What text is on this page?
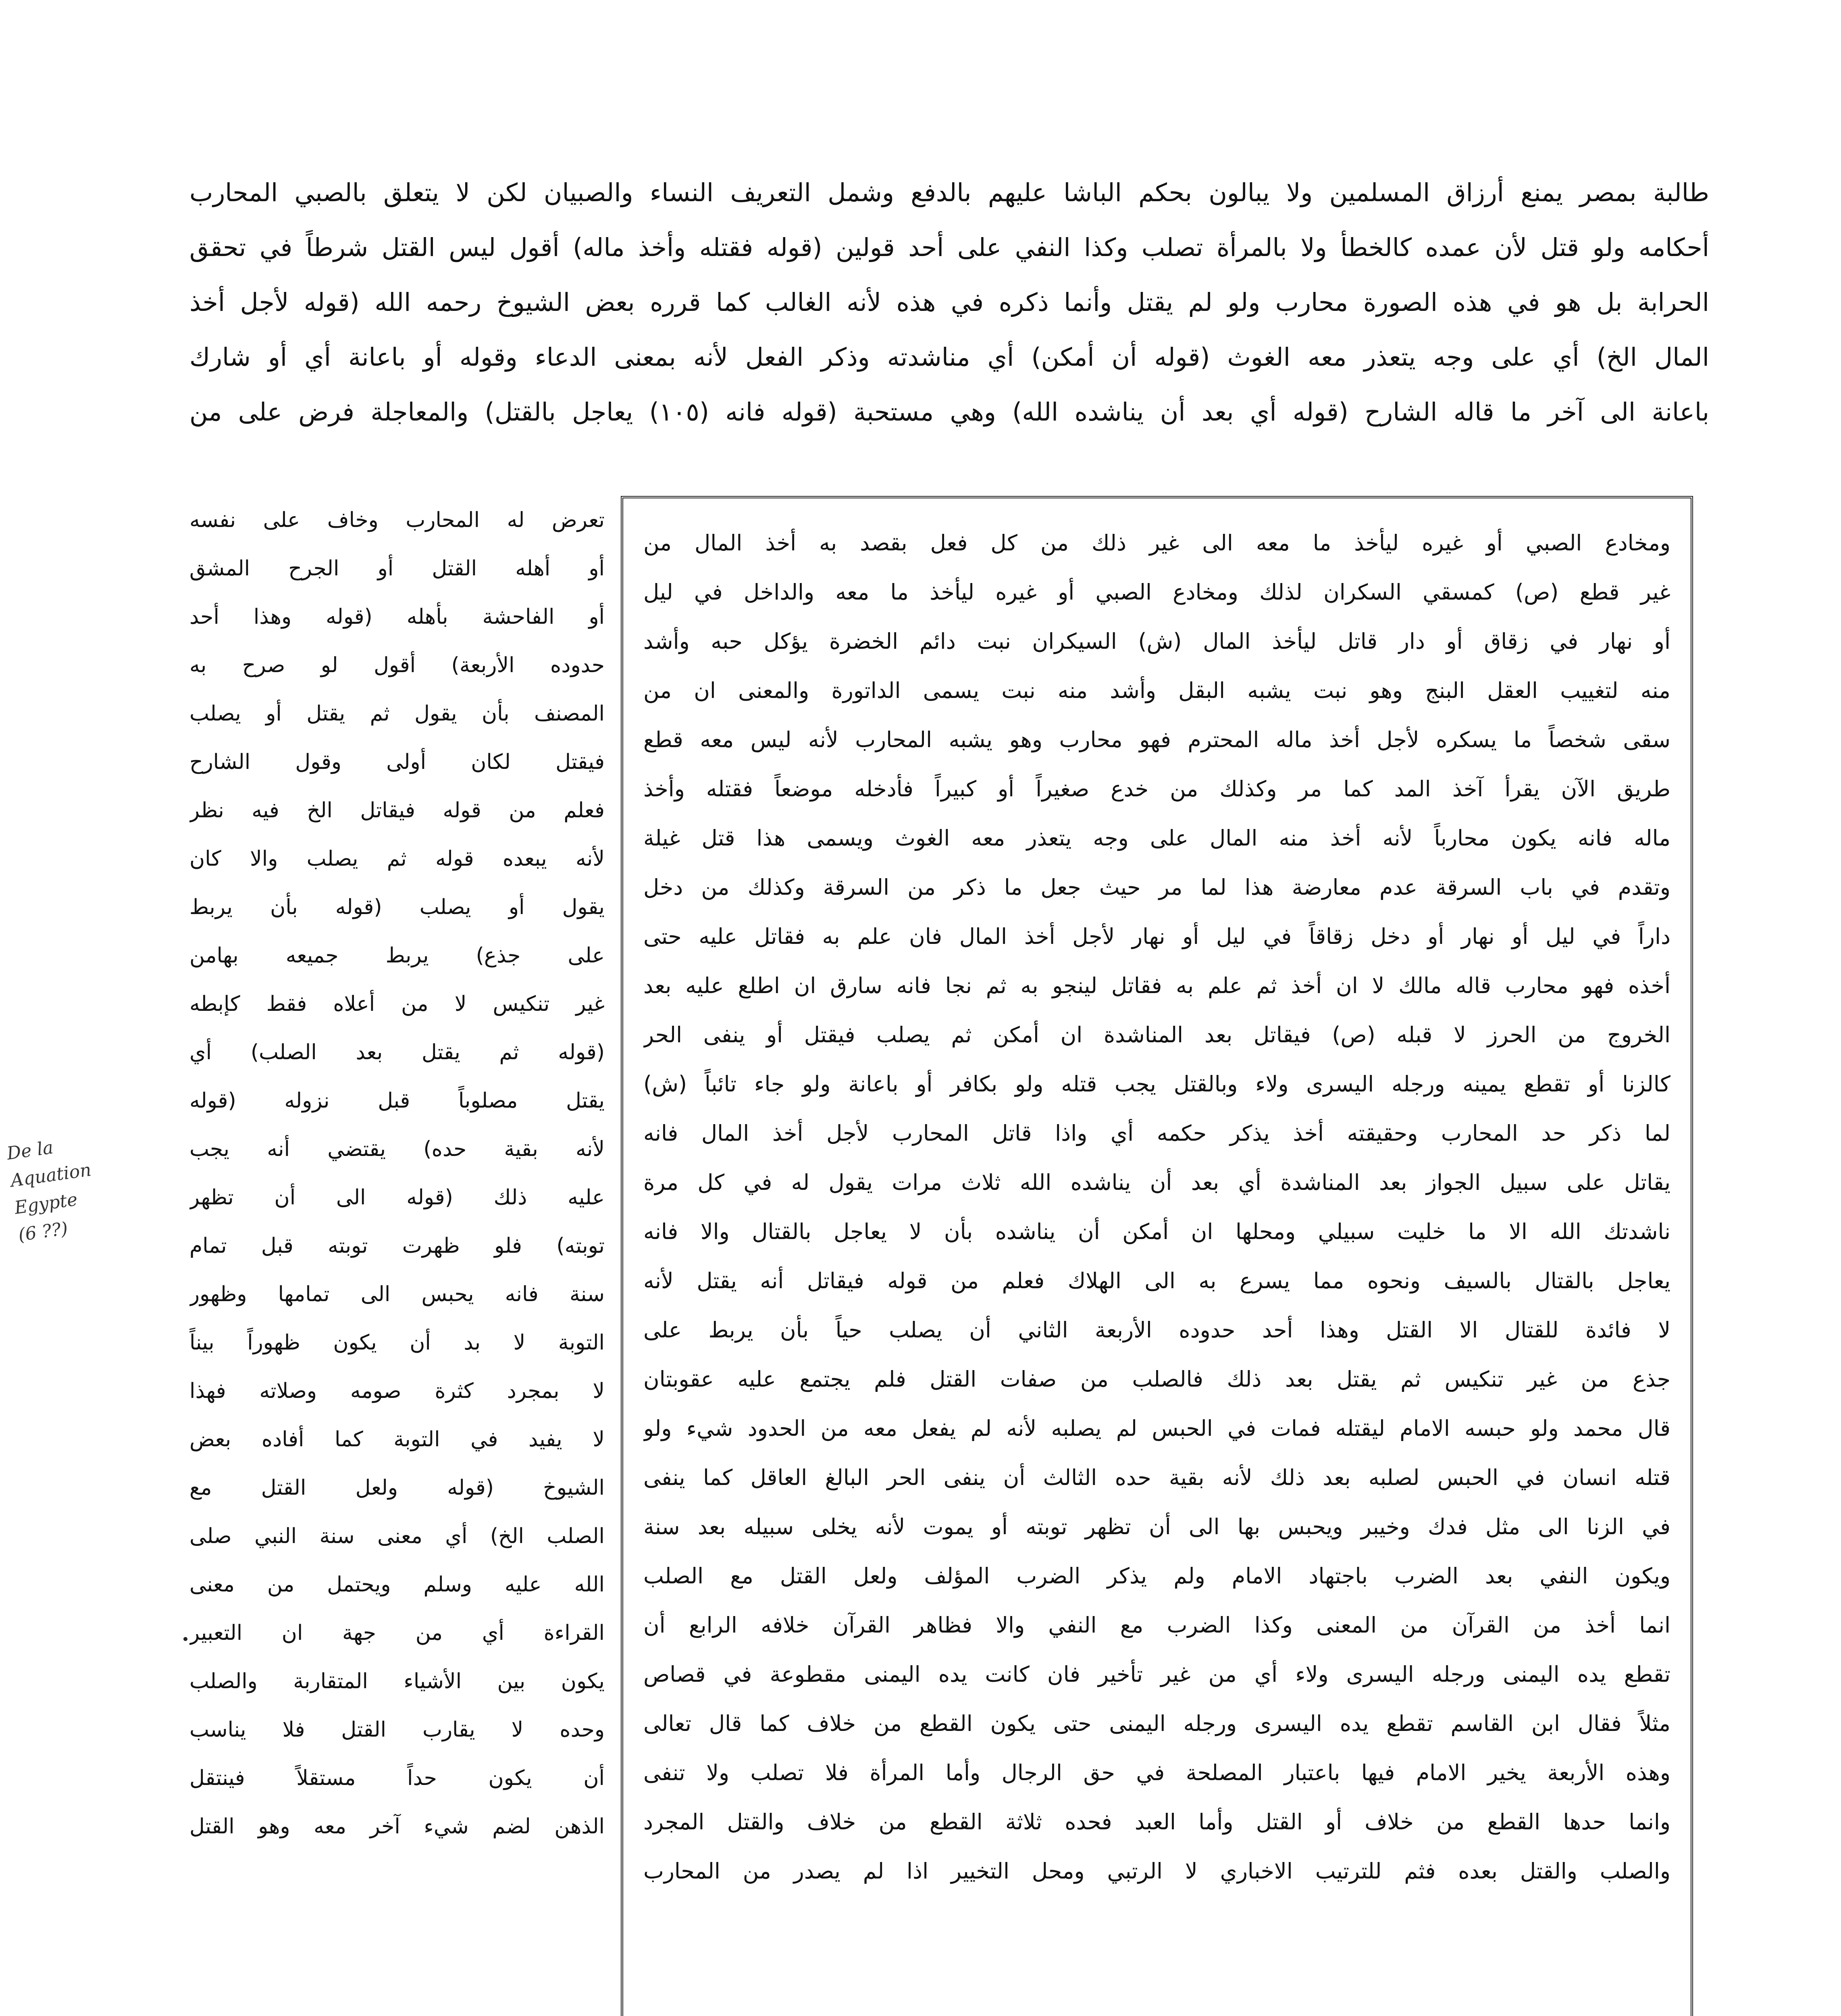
طالبة بمصر يمنع أرزاق المسلمين ولا يبالون بحكم الباشا عليهم بالدفع وشمل التعريف النساء والصبيان لكن لا يتعلق بالصبي المحارب
أحكامه ولو قتل لأن عمده كالخطأ ولا بالمرأة تصلب وكذا النفي على أحد قولين (قوله فقتله وأخذ ماله) أقول ليس القتل شرطاً في تحقق
الحرابة بل هو في هذه الصورة محارب ولو لم يقتل وأنما ذكره في هذه لأنه الغالب كما قرره بعض الشيوخ رحمه الله (قوله لأجل أخذ
المال الخ) أي على وجه يتعذر معه الغوث (قوله أن أمكن) أي مناشدته وذكر الفعل لأنه بمعنى الدعاء وقوله أو باعانة أي أو شارك
باعانة الى آخر ما قاله الشارح (قوله أي بعد أن يناشده الله) وهي مستحبة (قوله فانه (١٠٥) يعاجل بالقتل) والمعاجلة فرض على من
ومخادع الصبي أو غيره ليأخذ ما معه الى غير ذلك من كل فعل بقصد به أخذ المال من
غير قطع (ص) كمسقي السكران لذلك ومخادع الصبي أو غيره ليأخذ ما معه والداخل في ليل
أو نهار في زقاق أو دار قاتل ليأخذ المال (ش) السيكران نبت دائم الخضرة يؤكل حبه وأشد
منه لتغييب العقل البنج وهو نبت يشبه البقل وأشد منه نبت يسمى الداتورة والمعنى ان من
سقى شخصاً ما يسكره لأجل أخذ ماله المحترم فهو محارب وهو يشبه المحارب لأنه ليس معه قطع
طريق الآن يقرأ آخذ المد كما مر وكذلك من خدع صغيراً أو كبيراً فأدخله موضعاً فقتله وأخذ
ماله فانه يكون محارباً لأنه أخذ منه المال على وجه يتعذر معه الغوث ويسمى هذا قتل غيلة
وتقدم في باب السرقة عدم معارضة هذا لما مر حيث جعل ما ذكر من السرقة وكذلك من دخل
داراً في ليل أو نهار أو دخل زقاقاً في ليل أو نهار لأجل أخذ المال فان علم به فقاتل عليه حتى
أخذه فهو محارب قاله مالك لا ان أخذ ثم علم به فقاتل لينجو به ثم نجا فانه سارق ان اطلع عليه بعد
الخروج من الحرز لا قبله (ص) فيقاتل بعد المناشدة ان أمكن ثم يصلب فيقتل أو ينفى الحر
كالزنا أو تقطع يمينه ورجله اليسرى ولاء وبالقتل يجب قتله ولو بكافر أو باعانة ولو جاء تائباً (ش)
لما ذكر حد المحارب وحقيقته أخذ يذكر حكمه أي واذا قاتل المحارب لأجل أخذ المال فانه
يقاتل على سبيل الجواز بعد المناشدة أي بعد أن يناشده الله ثلاث مرات يقول له في كل مرة
ناشدتك الله الا ما خليت سبيلي ومحلها ان أمكن أن يناشده بأن لا يعاجل بالقتال والا فانه
يعاجل بالقتال بالسيف ونحوه مما يسرع به الى الهلاك فعلم من قوله فيقاتل أنه يقتل لأنه
لا فائدة للقتال الا القتل وهذا أحد حدوده الأربعة الثاني أن يصلب حياً بأن يربط على
جذع من غير تنكيس ثم يقتل بعد ذلك فالصلب من صفات القتل فلم يجتمع عليه عقوبتان
قال محمد ولو حبسه الامام ليقتله فمات في الحبس لم يصلبه لأنه لم يفعل معه من الحدود شيء ولو
قتله انسان في الحبس لصلبه بعد ذلك لأنه بقية حده الثالث أن ينفى الحر البالغ العاقل كما ينفى
في الزنا الى مثل فدك وخيبر ويحبس بها الى أن تظهر توبته أو يموت لأنه يخلى سبيله بعد سنة
ويكون النفي بعد الضرب باجتهاد الامام ولم يذكر الضرب المؤلف ولعل القتل مع الصلب
انما أخذ من القرآن من المعنى وكذا الضرب مع النفي والا فظاهر القرآن خلافه الرابع أن
تقطع يده اليمنى ورجله اليسرى ولاء أي من غير تأخير فان كانت يده اليمنى مقطوعة في قصاص
مثلاً فقال ابن القاسم تقطع يده اليسرى ورجله اليمنى حتى يكون القطع من خلاف كما قال تعالى
وهذه الأربعة يخير الامام فيها باعتبار المصلحة في حق الرجال وأما المرأة فلا تصلب ولا تنفى
وانما حدها القطع من خلاف أو القتل وأما العبد فحده ثلاثة القطع من خلاف والقتل المجرد
والصلب والقتل بعده فثم للترتيب الاخباري لا الرتبي ومحل التخيير اذا لم يصدر من المحارب
تعرض له المحارب وخاف على نفسه
أو أهله القتل أو الجرح المشق
أو الفاحشة بأهله (قوله وهذا أحد
حدوده الأربعة) أقول لو صرح به
المصنف بأن يقول ثم يقتل أو يصلب
فيقتل لكان أولى وقول الشارح
فعلم من قوله فيقاتل الخ فيه نظر
لأنه يبعده قوله ثم يصلب والا كان
يقول أو يصلب (قوله بأن يربط
على جذع) يربط جميعه بهامن
غير تنكيس لا من أعلاه فقط كإبطه
(قوله ثم يقتل بعد الصلب) أي
يقتل مصلوباً قبل نزوله (قوله
لأنه بقية حده) يقتضي أنه يجب
عليه ذلك (قوله الى أن تظهر
توبته) فلو ظهرت توبته قبل تمام
سنة فانه يحبس الى تمامها وظهور
التوبة لا بد أن يكون ظهوراً بيناً
لا بمجرد كثرة صومه وصلاته فهذا
لا يفيد في التوبة كما أفاده بعض
الشيوخ (قوله ولعل القتل مع
الصلب الخ) أي معنى سنة النبي صلى
الله عليه وسلم ويحتمل من معنى
القراءة أي من جهة ان التعبير
يكون بين الأشياء المتقاربة والصلب
وحده لا يقارب القتل فلا يناسب
أن يكون حداً مستقلاً فينتقل
الذهن لضم شيء آخر معه وهو القتل
De la
Aquation
Egypte
(6 ??)
